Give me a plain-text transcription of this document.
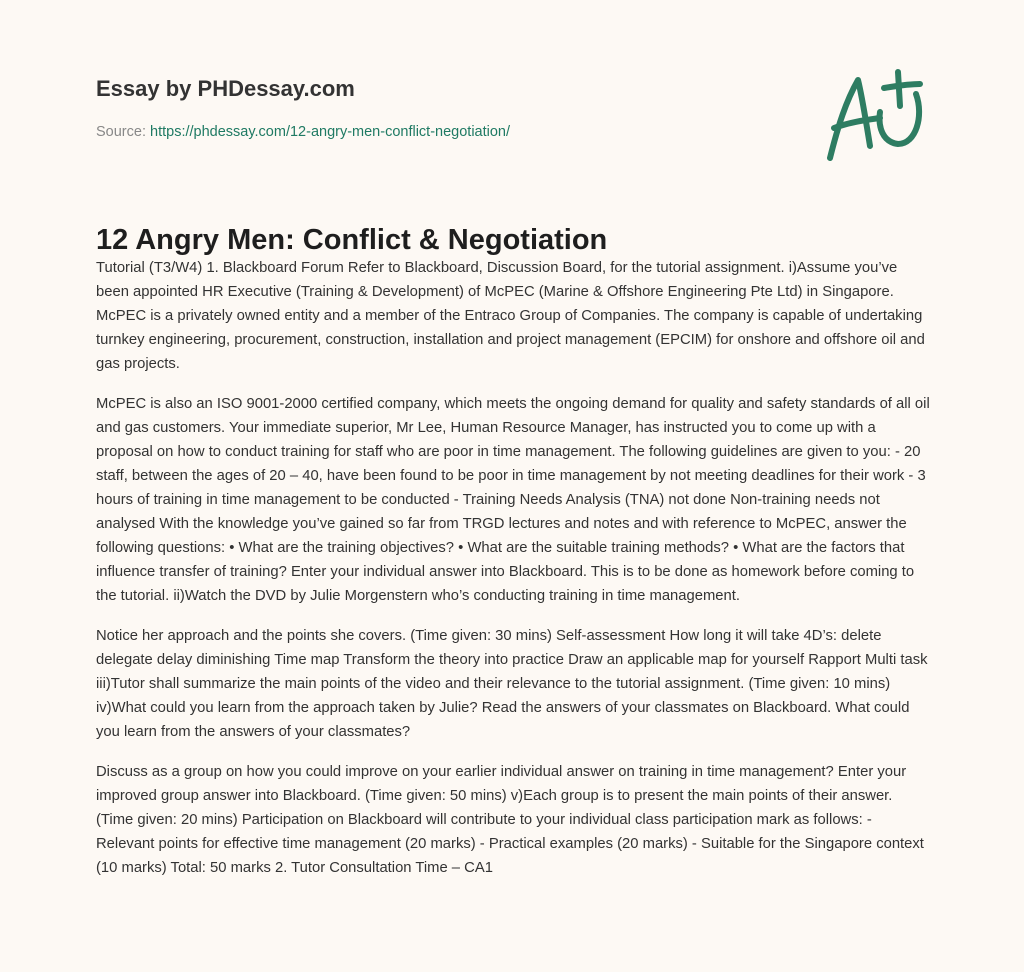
Essay by PHDessay.com
Source: https://phdessay.com/12-angry-men-conflict-negotiation/
12 Angry Men: Conflict & Negotiation

Tutorial (T3/W4) 1. Blackboard Forum Refer to Blackboard, Discussion Board, for the tutorial assignment. i)Assume you’ve been appointed HR Executive (Training & Development) of McPEC (Marine & Offshore Engineering Pte Ltd) in Singapore. McPEC is a privately owned entity and a member of the Entraco Group of Companies. The company is capable of undertaking turnkey engineering, procurement, construction, installation and project management (EPCIM) for onshore and offshore oil and gas projects.

McPEC is also an ISO 9001-2000 certified company, which meets the ongoing demand for quality and safety standards of all oil and gas customers. Your immediate superior, Mr Lee, Human Resource Manager, has instructed you to come up with a proposal on how to conduct training for staff who are poor in time management. The following guidelines are given to you: - 20 staff, between the ages of 20 – 40, have been found to be poor in time management by not meeting deadlines for their work - 3 hours of training in time management to be conducted - Training Needs Analysis (TNA) not done Non-training needs not analysed With the knowledge you’ve gained so far from TRGD lectures and notes and with reference to McPEC, answer the following questions: • What are the training objectives? • What are the suitable training methods? • What are the factors that influence transfer of training? Enter your individual answer into Blackboard. This is to be done as homework before coming to the tutorial. ii)Watch the DVD by Julie Morgenstern who’s conducting training in time management.

Notice her approach and the points she covers. (Time given: 30 mins) Self-assessment How long it will take 4D’s: delete delegate delay diminishing Time map Transform the theory into practice Draw an applicable map for yourself Rapport Multi task iii)Tutor shall summarize the main points of the video and their relevance to the tutorial assignment. (Time given: 10 mins) iv)What could you learn from the approach taken by Julie? Read the answers of your classmates on Blackboard. What could you learn from the answers of your classmates?

Discuss as a group on how you could improve on your earlier individual answer on training in time management? Enter your improved group answer into Blackboard. (Time given: 50 mins) v)Each group is to present the main points of their answer. (Time given: 20 mins) Participation on Blackboard will contribute to your individual class participation mark as follows: - Relevant points for effective time management (20 marks) - Practical examples (20 marks) - Suitable for the Singapore context (10 marks) Total: 50 marks 2. Tutor Consultation Time – CA1
